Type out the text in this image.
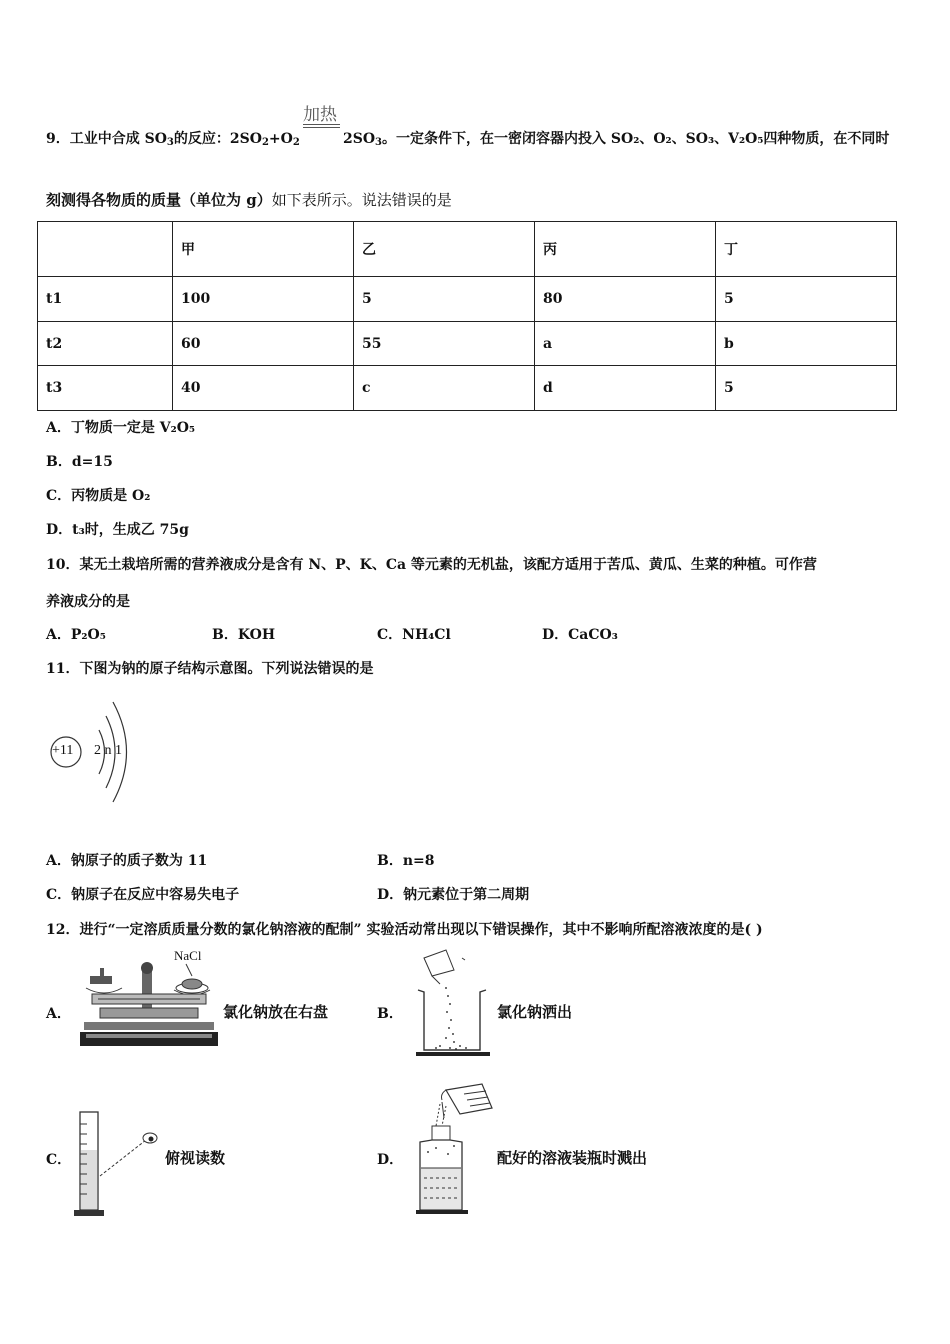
加热
9．工业中合成 $SO_3$的反应：$2SO_2+O_2$	$2SO_3$。一定条件下，在一密闭容器内投入 SO₂、O₂、SO₃、V₂O₅四种物质，在不同时
刻测得各物质的质量（单位为 g）如下表所示。说法错误的是
	甲	乙	丙	丁
t1	100	5	80	5
t2	60	55	a	b
t3	40	c	d	5
A．丁物质一定是 V₂O₅
B．d=15
C．丙物质是 O₂
D．t₃时，生成乙 75g
10．某无土栽培所需的营养液成分是含有 N、P、K、Ca 等元素的无机盐，该配方适用于苦瓜、黄瓜、生菜的种植。可作营
养液成分的是
A．P₂O₅	B．KOH	C．NH₄Cl	D．CaCO₃
11．下图为钠的原子结构示意图。下列说法错误的是
+11 2 n 1
A．钠原子的质子数为 11	B．n=8
C．钠原子在反应中容易失电子	D．钠元素位于第二周期
12．进行“一定溶质质量分数的氯化钠溶液的配制” 实验活动常出现以下错误操作，其中不影响所配溶液浓度的是( )
A．
NaCl
氯化钠放在右盘	B．	氯化钠洒出
C．	俯视读数	D．	配好的溶液装瓶时溅出
